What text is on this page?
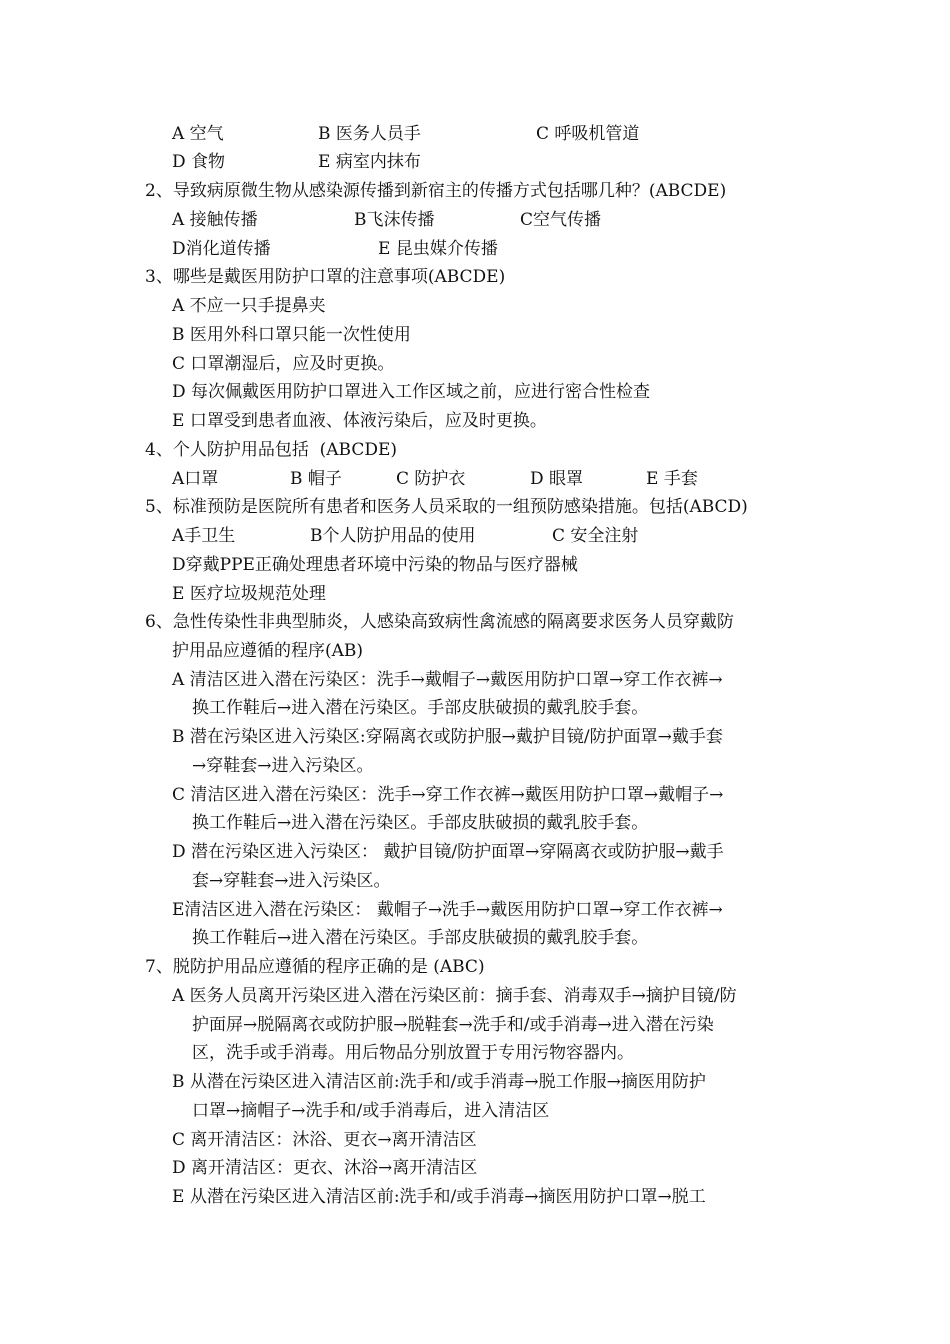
A 空气	B 医务人员手	C 呼吸机管道
D 食物	E 病室内抹布
2、导致病原微生物从感染源传播到新宿主的传播方式包括哪几种？(ABCDE)
A 接触传播	B飞沫传播	C空气传播
D消化道传播	E 昆虫媒介传播
3、哪些是戴医用防护口罩的注意事项(ABCDE)
A 不应一只手提鼻夹
B 医用外科口罩只能一次性使用
C 口罩潮湿后，应及时更换。
D 每次佩戴医用防护口罩进入工作区域之前，应进行密合性检查
E 口罩受到患者血液、体液污染后，应及时更换。
4、个人防护用品包括  (ABCDE)
A口罩	B 帽子	C 防护衣	D 眼罩	E 手套
5、标准预防是医院所有患者和医务人员采取的一组预防感染措施。包括(ABCD)
A手卫生	B个人防护用品的使用	C 安全注射
D穿戴PPE正确处理患者环境中污染的物品与医疗器械
E 医疗垃圾规范处理
6、急性传染性非典型肺炎，人感染高致病性禽流感的隔离要求医务人员穿戴防
护用品应遵循的程序(AB)
A 清洁区进入潜在污染区：洗手→戴帽子→戴医用防护口罩→穿工作衣裤→
换工作鞋后→进入潜在污染区。手部皮肤破损的戴乳胶手套。
B 潜在污染区进入污染区:穿隔离衣或防护服→戴护目镜/防护面罩→戴手套
→穿鞋套→进入污染区。
C 清洁区进入潜在污染区：洗手→穿工作衣裤→戴医用防护口罩→戴帽子→
换工作鞋后→进入潜在污染区。手部皮肤破损的戴乳胶手套。
D 潜在污染区进入污染区： 戴护目镜/防护面罩→穿隔离衣或防护服→戴手
套→穿鞋套→进入污染区。
E清洁区进入潜在污染区： 戴帽子→洗手→戴医用防护口罩→穿工作衣裤→
换工作鞋后→进入潜在污染区。手部皮肤破损的戴乳胶手套。
7、脱防护用品应遵循的程序正确的是 (ABC)
A 医务人员离开污染区进入潜在污染区前：摘手套、消毒双手→摘护目镜/防
护面屏→脱隔离衣或防护服→脱鞋套→洗手和/或手消毒→进入潜在污染
区，洗手或手消毒。用后物品分别放置于专用污物容器内。
B 从潜在污染区进入清洁区前:洗手和/或手消毒→脱工作服→摘医用防护
口罩→摘帽子→洗手和/或手消毒后，进入清洁区
C 离开清洁区：沐浴、更衣→离开清洁区
D 离开清洁区：更衣、沐浴→离开清洁区
E 从潜在污染区进入清洁区前:洗手和/或手消毒→摘医用防护口罩→脱工
